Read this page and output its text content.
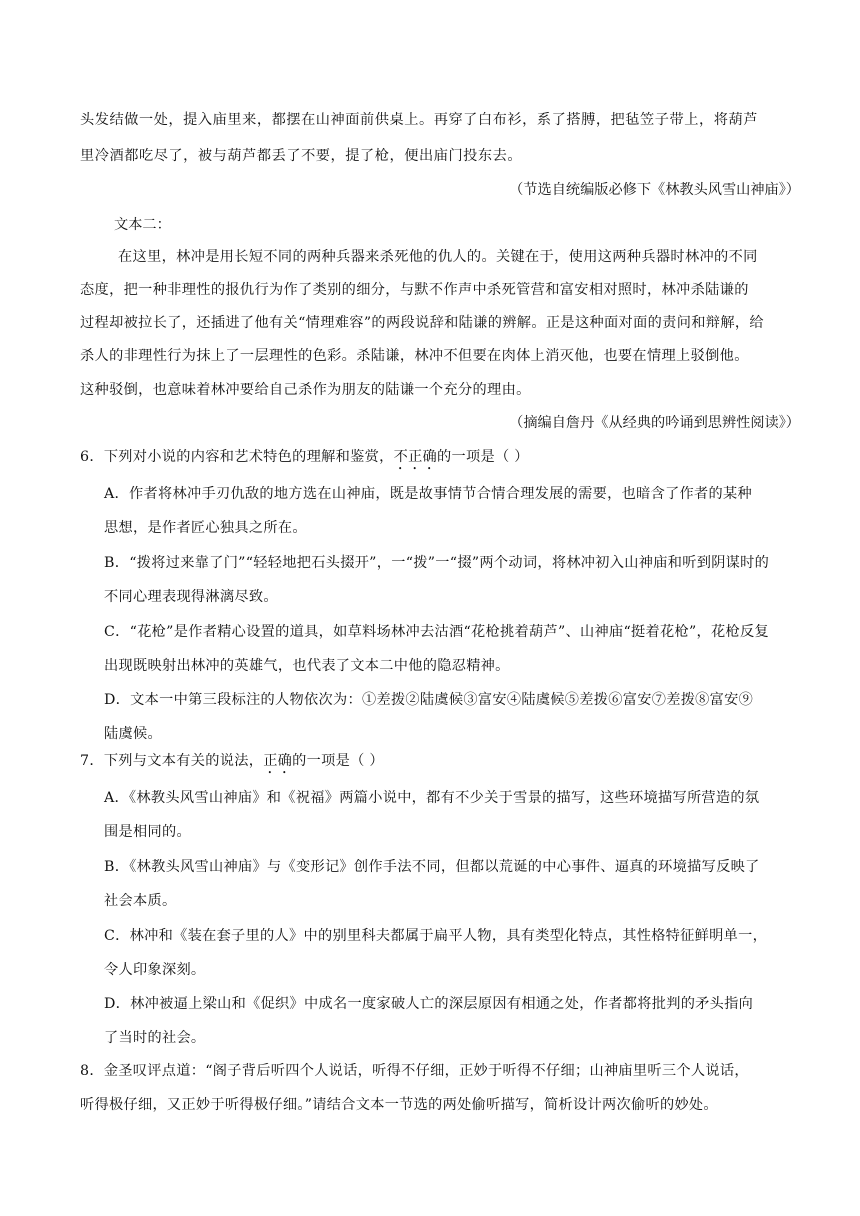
头发结做一处，提入庙里来，都摆在山神面前供桌上。再穿了白布衫，系了搭膊，把毡笠子带上，将葫芦
里冷酒都吃尽了，被与葫芦都丢了不要，提了枪，便出庙门投东去。
（节选自统编版必修下《林教头风雪山神庙》）
文本二：
在这里，林冲是用长短不同的两种兵器来杀死他的仇人的。关键在于，使用这两种兵器时林冲的不同
态度，把一种非理性的报仇行为作了类别的细分，与默不作声中杀死管营和富安相对照时，林冲杀陆谦的
过程却被拉长了，还插进了他有关“情理难容”的两段说辞和陆谦的辨解。正是这种面对面的责问和辩解，给
杀人的非理性行为抹上了一层理性的色彩。杀陆谦，林冲不但要在肉体上消灭他，也要在情理上驳倒他。
这种驳倒，也意味着林冲要给自己杀作为朋友的陆谦一个充分的理由。
（摘编自詹丹《从经典的吟诵到思辨性阅读》）
6．下列对小说的内容和艺术特色的理解和鉴赏，不正确的一项是（ ）
A．作者将林冲手刃仇敌的地方选在山神庙，既是故事情节合情合理发展的需要，也暗含了作者的某种
思想，是作者匠心独具之所在。
B．“拨将过来靠了门”“轻轻地把石头掇开”，一“拨”一“掇”两个动词，将林冲初入山神庙和听到阴谋时的
不同心理表现得淋漓尽致。
C．“花枪”是作者精心设置的道具，如草料场林冲去沽酒“花枪挑着葫芦”、山神庙“挺着花枪”，花枪反复
出现既映射出林冲的英雄气，也代表了文本二中他的隐忍精神。
D．文本一中第三段标注的人物依次为：①差拨②陆虞候③富安④陆虞候⑤差拨⑥富安⑦差拨⑧富安⑨
陆虞候。
7．下列与文本有关的说法，正确的一项是（ ）
A．《林教头风雪山神庙》和《祝福》两篇小说中，都有不少关于雪景的描写，这些环境描写所营造的氛
围是相同的。
B．《林教头风雪山神庙》与《变形记》创作手法不同，但都以荒诞的中心事件、逼真的环境描写反映了
社会本质。
C．林冲和《装在套子里的人》中的别里科夫都属于扁平人物，具有类型化特点，其性格特征鲜明单一，
令人印象深刻。
D．林冲被逼上梁山和《促织》中成名一度家破人亡的深层原因有相通之处，作者都将批判的矛头指向
了当时的社会。
8．金圣叹评点道：“阁子背后听四个人说话，听得不仔细，正妙于听得不仔细；山神庙里听三个人说话，
听得极仔细，又正妙于听得极仔细。”请结合文本一节选的两处偷听描写，简析设计两次偷听的妙处。
